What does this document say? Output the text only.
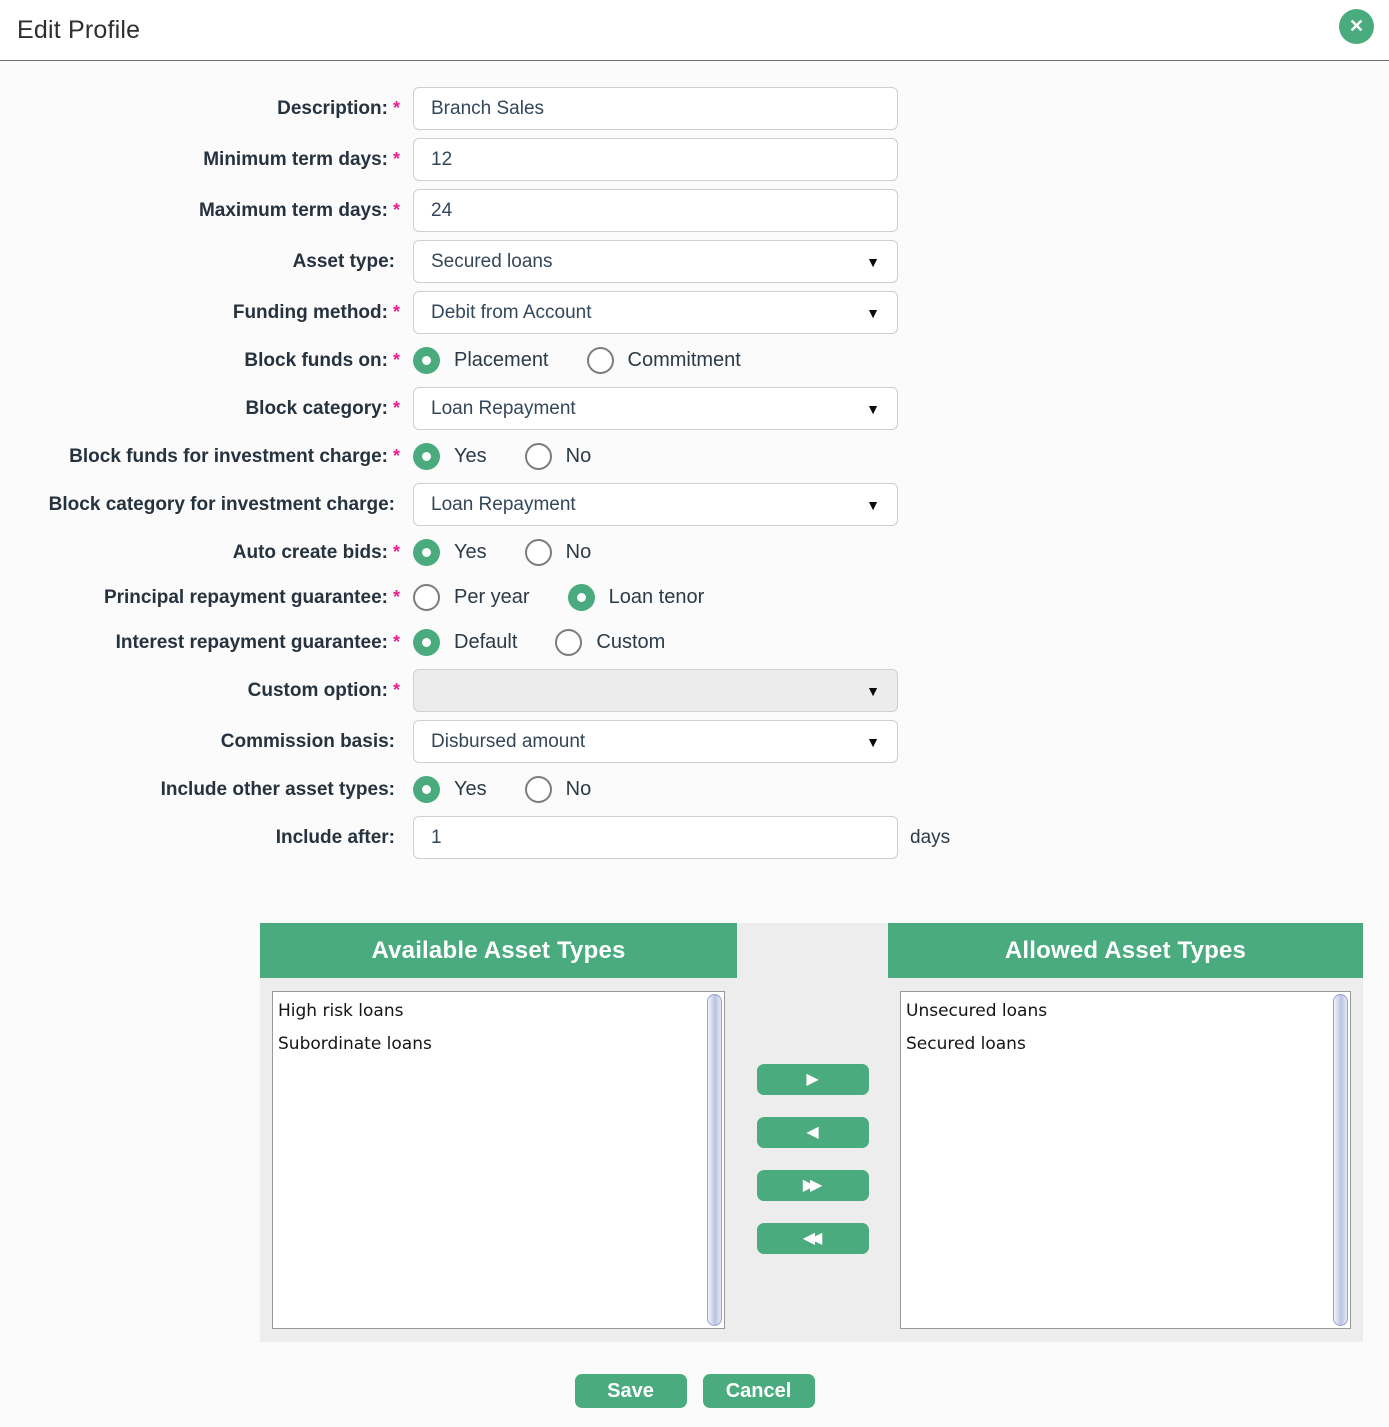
Edit Profile	✕
Description: *
Branch Sales
Minimum term days: *
12
Maximum term days: *
24
Asset type: Secured loans	▼
Funding method: * Debit from Account	▼
Block funds on: *	Placement	Commitment
Block category: * Loan Repayment	▼
Block funds for investment charge: *	Yes	No
Block category for investment charge: Loan Repayment	▼
Auto create bids: *	Yes	No
Principal repayment guarantee: *	Per year	Loan tenor
Interest repayment guarantee: *	Default	Custom
Custom option: *	▼
Commission basis: Disbursed amount	▼
Include other asset types:	Yes	No
Include after:
1	days
Available Asset Types
High risk loans
Subordinate loans
▶
◀
▶▶
◀◀
Allowed Asset Types
Unsecured loans
Secured loans
Save	Cancel
